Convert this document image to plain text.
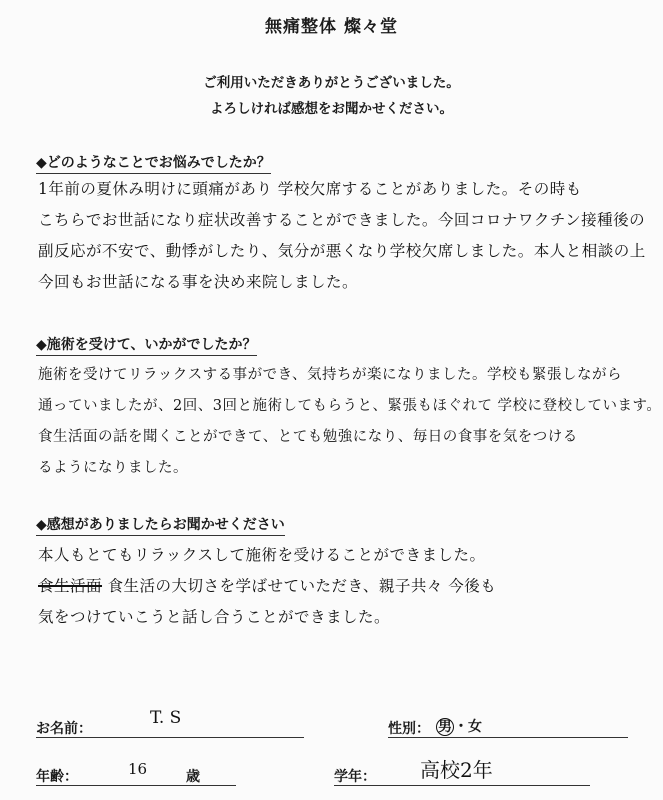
無痛整体 燦々堂
ご利用いただきありがとうございました。
よろしければ感想をお聞かせください。
◆どのようなことでお悩みでしたか？
1年前の夏休み明けに頭痛があり 学校欠席することがありました。その時も
こちらでお世話になり症状改善することができました。今回コロナワクチン接種後の
副反応が不安で、動悸がしたり、気分が悪くなり学校欠席しました。本人と相談の上
今回もお世話になる事を決め来院しました。
◆施術を受けて、いかがでしたか？
施術を受けてリラックスする事ができ、気持ちが楽になりました。学校も緊張しながら
通っていましたが、2回、3回と施術してもらうと、緊張もほぐれて 学校に登校しています。
食生活面の話を聞くことができて、とても勉強になり、毎日の食事を気をつける
るようになりました。
◆感想がありましたらお聞かせください
本人もとてもリラックスして施術を受けることができました。
食生活面 食生活の大切さを学ばせていただき、親子共々 今後も
気をつけていこうと話し合うことができました。
お名前：
T. S
性別： 男 ・女
年齢：	16	歳	学年： 高校2年
